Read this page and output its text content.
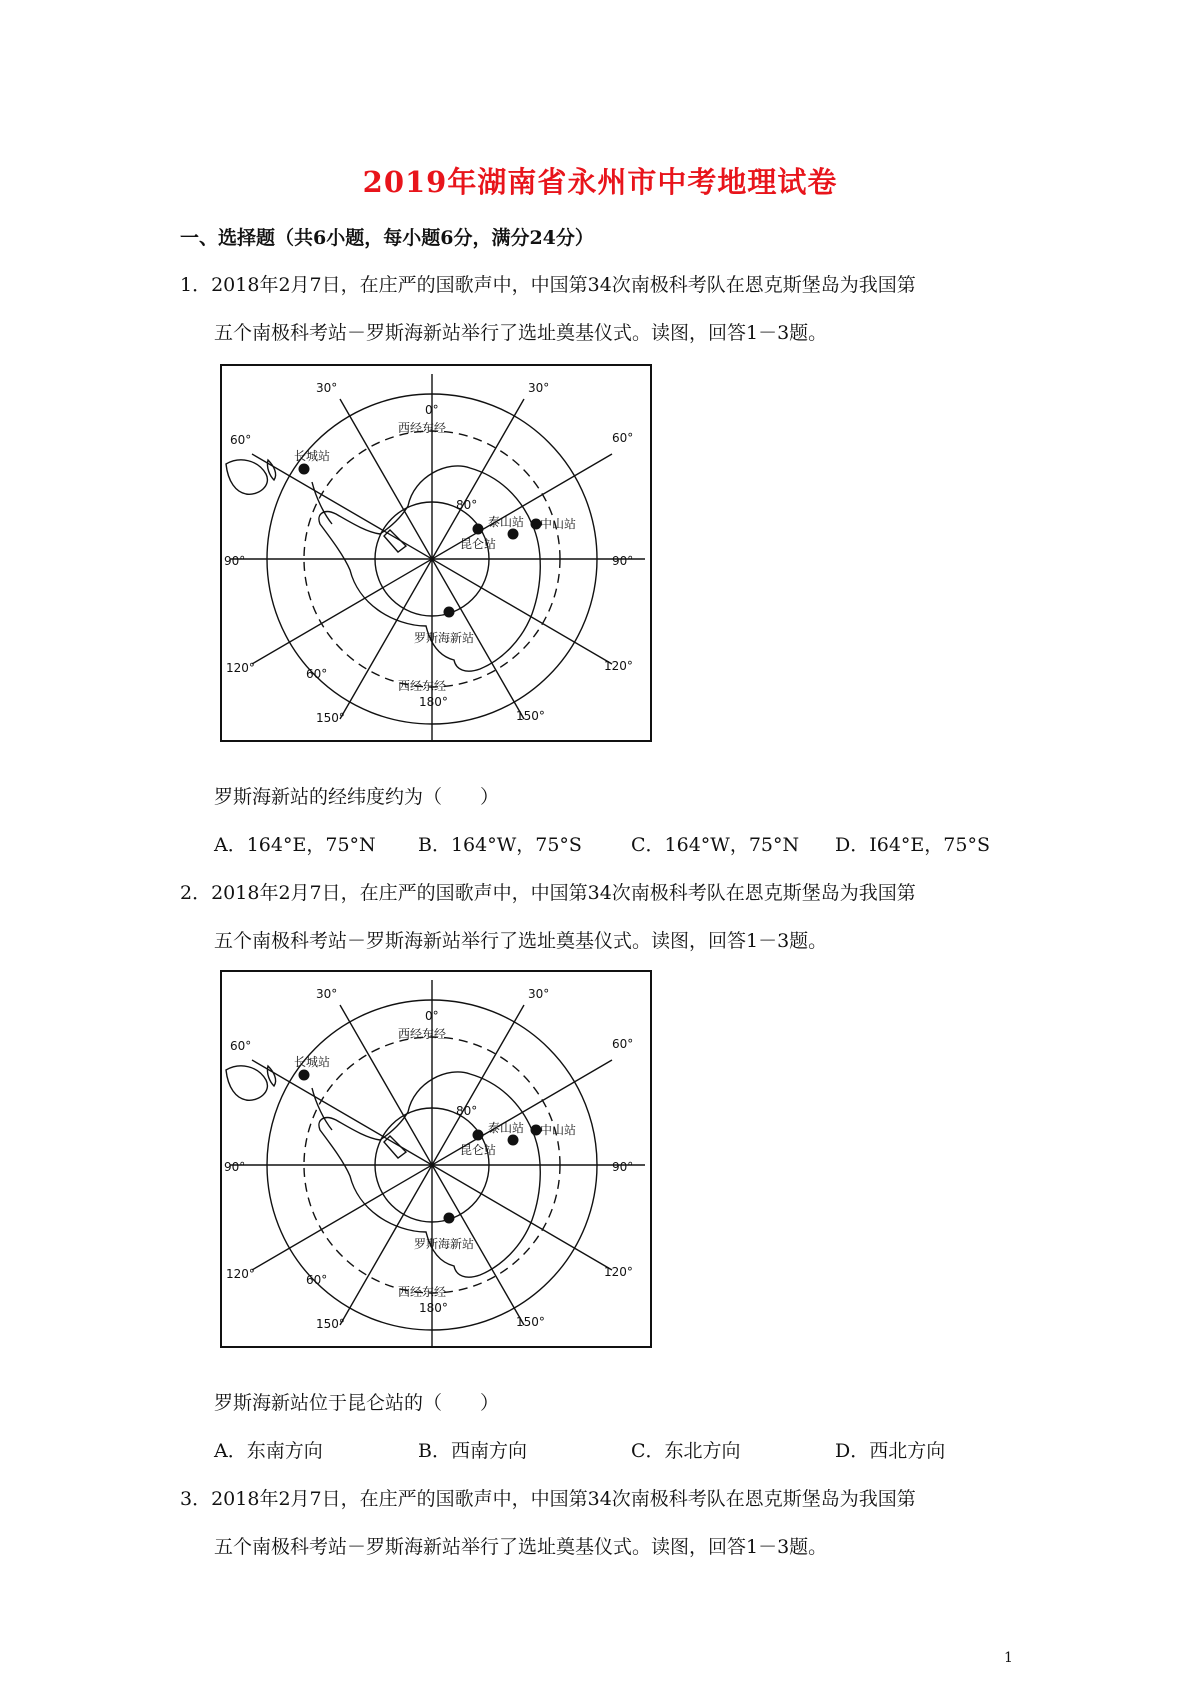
2019年湖南省永州市中考地理试卷
一、选择题（共6小题，每小题6分，满分24分）
1．2018年2月7日，在庄严的国歌声中，中国第34次南极科考队在恩克斯堡岛为我国第
五个南极科考站－罗斯海新站举行了选址奠基仪式。读图，回答1－3题。
0°
30°	30°
60°	60°
90°	90°
120°	120°
150°	150°
180°
80°
60°
西经东经
西经东经
长城站
泰山站 中山站
昆仑站
罗斯海新站
罗斯海新站的经纬度约为（　　）
A．164°E，75°N B．164°W，75°S	C．164°W，75°N D．I64°E，75°S
2．2018年2月7日，在庄严的国歌声中，中国第34次南极科考队在恩克斯堡岛为我国第
五个南极科考站－罗斯海新站举行了选址奠基仪式。读图，回答1－3题。
0°
30°	30°
60°	60°
90°	90°
120°	120°
150°	150°
180°
80°
60°
西经东经
西经东经
长城站
泰山站 中山站
昆仑站
罗斯海新站
罗斯海新站位于昆仑站的（　　）
A．东南方向	B．西南方向	C．东北方向	D．西北方向
3．2018年2月7日，在庄严的国歌声中，中国第34次南极科考队在恩克斯堡岛为我国第
五个南极科考站－罗斯海新站举行了选址奠基仪式。读图，回答1－3题。
1
